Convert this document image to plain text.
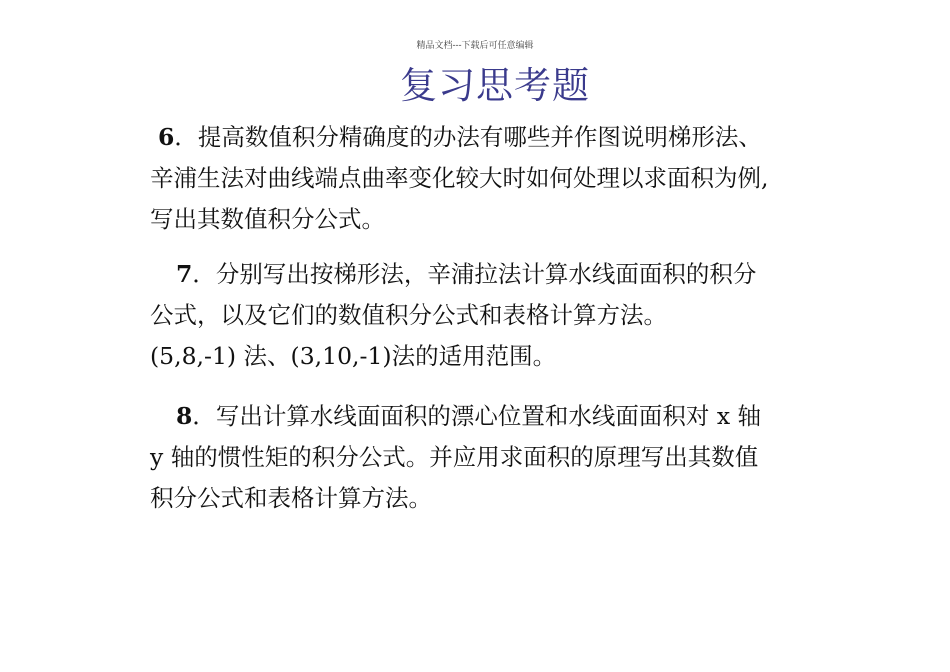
精品文档---下载后可任意编辑
复习思考题
6．提高数值积分精确度的办法有哪些并作图说明梯形法、
辛浦生法对曲线端点曲率变化较大时如何处理以求面积为例,
写出其数值积分公式。
7．分别写出按梯形法，辛浦拉法计算水线面面积的积分
公式，以及它们的数值积分公式和表格计算方法。
(5,8,-1) 法、(3,10,-1)法的适用范围。
8．写出计算水线面面积的漂心位置和水线面面积对 x 轴
y 轴的惯性矩的积分公式。并应用求面积的原理写出其数值
积分公式和表格计算方法。
